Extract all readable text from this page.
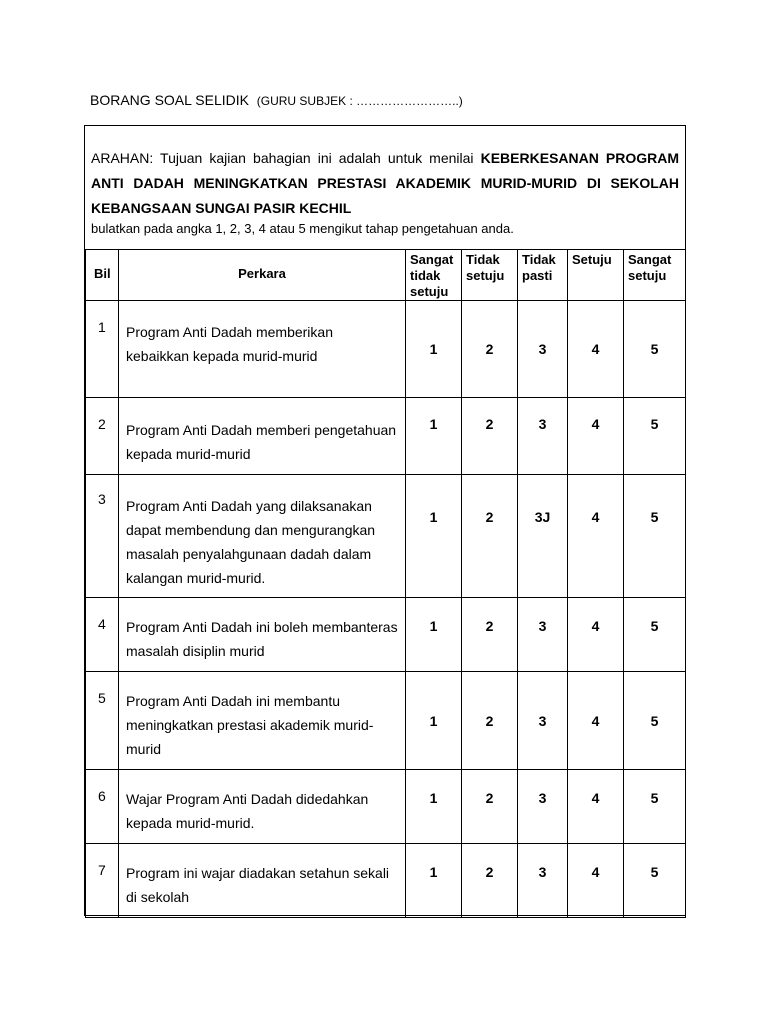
BORANG SOAL SELIDIK (GURU SUBJEK : ……………………..)
ARAHAN: Tujuan kajian bahagian ini adalah untuk menilai KEBERKESANAN PROGRAM ANTI DADAH MENINGKATKAN PRESTASI AKADEMIK MURID-MURID DI SEKOLAH KEBANGSAAN SUNGAI PASIR KECHIL
bulatkan pada angka 1, 2, 3, 4 atau 5 mengikut tahap pengetahuan anda.
Bil	Perkara	Sangat tidak setuju	Tidak setuju	Tidak pasti	Setuju	Sangat setuju
1	Program Anti Dadah memberikan kebaikkan kepada murid-murid	1	2	3	4	5
2	Program Anti Dadah memberi pengetahuan kepada murid-murid	1	2	3	4	5
3	Program Anti Dadah yang dilaksanakan dapat membendung dan mengurangkan masalah penyalahgunaan dadah dalam kalangan murid-murid.	1	2	3J	4	5
4	Program Anti Dadah ini boleh membanteras masalah disiplin murid	1	2	3	4	5
5	Program Anti Dadah ini membantu meningkatkan prestasi akademik murid-murid	1	2	3	4	5
6	Wajar Program Anti Dadah didedahkan kepada murid-murid.	1	2	3	4	5
7	Program ini wajar diadakan setahun sekali di sekolah	1	2	3	4	5
